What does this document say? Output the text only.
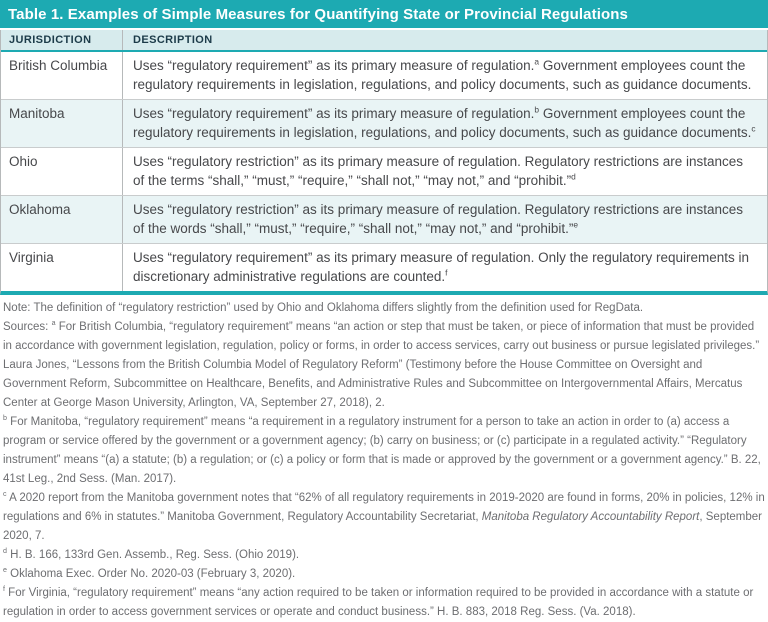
Table 1. Examples of Simple Measures for Quantifying State or Provincial Regulations
JURISDICTION	DESCRIPTION
British Columbia	Uses “regulatory requirement” as its primary measure of regulation.$^a$ Government employees count the regulatory requirements in legislation, regulations, and policy documents, such as guidance documents.
Manitoba	Uses “regulatory requirement” as its primary measure of regulation.$^b$ Government employees count the regulatory requirements in legislation, regulations, and policy documents, such as guidance documents.$^c$
Ohio	Uses “regulatory restriction” as its primary measure of regulation. Regulatory restrictions are instances of the terms “shall,” “must,” “require,” “shall not,” “may not,” and “prohibit.”$^d$
Oklahoma	Uses “regulatory restriction” as its primary measure of regulation. Regulatory restrictions are instances of the words “shall,” “must,” “require,” “shall not,” “may not,” and “prohibit.”$^e$
Virginia	Uses “regulatory requirement” as its primary measure of regulation. Only the regulatory requirements in discretionary administrative regulations are counted.$^f$

Note: The definition of “regulatory restriction” used by Ohio and Oklahoma differs slightly from the definition used for RegData.

Sources: $^a$ For British Columbia, “regulatory requirement” means “an action or step that must be taken, or piece of information that must be provided in accordance with government legislation, regulation, policy or forms, in order to access services, carry out business or pursue legislated privileges.” Laura Jones, “Lessons from the British Columbia Model of Regulatory Reform” (Testimony before the House Committee on Oversight and Government Reform, Subcommittee on Healthcare, Benefits, and Administrative Rules and Subcommittee on Intergovernmental Affairs, Mercatus Center at George Mason University, Arlington, VA, September 27, 2018), 2.

$^b$ For Manitoba, “regulatory requirement” means “a requirement in a regulatory instrument for a person to take an action in order to (a) access a program or service offered by the government or a government agency; (b) carry on business; or (c) participate in a regulated activity.” “Regulatory instrument” means “(a) a statute; (b) a regulation; or (c) a policy or form that is made or approved by the government or a government agency.” B. 22, 41st Leg., 2nd Sess. (Man. 2017).

$^c$ A 2020 report from the Manitoba government notes that “62% of all regulatory requirements in 2019-2020 are found in forms, 20% in policies, 12% in regulations and 6% in statutes.” Manitoba Government, Regulatory Accountability Secretariat, Manitoba Regulatory Accountability Report, September 2020, 7.

$^d$ H. B. 166, 133rd Gen. Assemb., Reg. Sess. (Ohio 2019).

$^e$ Oklahoma Exec. Order No. 2020-03 (February 3, 2020).

$^f$ For Virginia, “regulatory requirement” means “any action required to be taken or information required to be provided in accordance with a statute or regulation in order to access government services or operate and conduct business.” H. B. 883, 2018 Reg. Sess. (Va. 2018).
